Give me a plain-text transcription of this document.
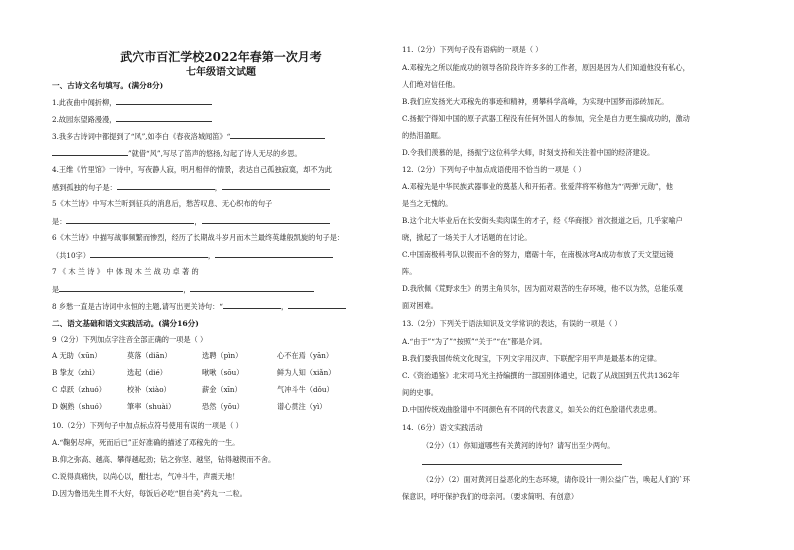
武穴市百汇学校2022年春第一次月考
七年级语文试题
一、古诗文名句填写。(满分8分)
1.此夜曲中闻折柳，
2.故园东望路漫漫，
3.我多古诗词中都提到了“风”,如李白《春夜洛城闻笛》“
”就借“风”,写尽了笛声的悠扬,勾起了诗人无尽的乡思。
4.王维《竹里馆》一诗中，写夜静人寂，明月相伴的情景，表达自己孤独寂寞，却不为此
感到孤独的句子是：	，
5《木兰诗》中写木兰听到征兵的消息后，愁苦叹息、无心织布的句子
是：	，
6《木兰诗》中描写战事频繁而惨烈，经历了长期战斗岁月而木兰最终英雄般凯旋的句子是：
（共10字）	，
7 《 木 兰 诗 》 中 体 现 木 兰 战 功 卓 著 的
是	，
8 乡愁一直是古诗词中永恒的主题,请写出更关诗句：“	，
二、语文基础和语文实践活动。(满分16分)
9（2分）下列加点字注音全部正确的一项是（ ）
A 无助（xūn）	莫落（diān）	选聘（pìn）	心不在焉（yān）
B 挚友（zhì）	选起（dié）	啾啾（sōu）	鲜为人知（xiǎn）
C 卓跃（zhuó）	校补（xiào）	薪金（xīn）	气冲斗牛（dǒu）
D 娴熟（shuó）	筆率（shuài）	恐然（yōu）	谱心贯注（yì）
10.（2分）下列句子中加点标点符号使用有误的一项是（ ）
A.“鞠躬尽瘁，死而后已”正好准确的描述了邓稼先的一生。
B.仰之弥高、越高、攀得越起劲；钻之弥坚、越坚，钻得越锲而不舍。
C.说得真痛快，以尚心以，酣壮志，气冲斗牛，声震天地！
D.因为鲁迅先生胃不大好，每饭后必吃“胆自美”药丸一二粒。
11.（2分）下列句子没有语病的一项是（ ）
A.邓稼先之所以能成功的领导各阶段许许多多的工作者，原因是因为人们知道他没有私心，
人们绝对信任他。
B.我们应发扬光大邓稼先的事迹和精神，勇攀科学高峰，为实现中国梦而添砖加瓦。
C.扬振宁得知中国的原子武器工程没有任何外国人的参加，完全是自力更生搞成功的，激动
的热泪盈眶。
D.令我们羡慕的是，扬振宁这位科学大师，时刻支持和关注着中国的经济建设。
12.（2分）下列句子中加点成语使用不恰当的一项是（ ）
A.邓稼先是中华民族武器事业的奠基人和开拓者。张爱萍将军称他为“‘两弹’元勋”，他
是当之无愧的。
B.这个北大毕业后在长安街头卖肉谋生的才子，经《华商报》首次报道之后，几乎家喻户
晓，掀起了一场关于人才话题的在讨论。
C.中国南极科考队以锲而不舍的努力，磨砺十年，在南极冰穹A成功布放了天文望远镜
阵。
D.我欣佩《荒野求生》的男主角贝尔，因为面对艰苦的生存环境，他不以为然，总能乐观
面对困难。
13.（2分）下列关于语法知识及文学常识的表达，有误的一项是（ ）
A.“由于”“为了”“按照”“关于”“在”都是介词。
B.我们要我国传统文化现宝，下列文字用汉声、下联配字用平声是最基本的定律。
C.《资治通鉴》北宋司马光主持编撰的一部国别体通史，记载了从战国到五代共1362年
间的史事。
D.中国传统戏曲脸谱中不同颜色有不同的代表意义，如关公的红色脸谱代表忠勇。
14.（6分）语文实践活动
（2分）（1）你知道哪些有关黄河的诗句？请写出至少两句。
（2分）（2）面对黄河日益恶化的生态环境，请你设计一则公益广告，唤起人们的`环
保意识，呼吁保护我们的母亲河。（要求简明、有创意）
